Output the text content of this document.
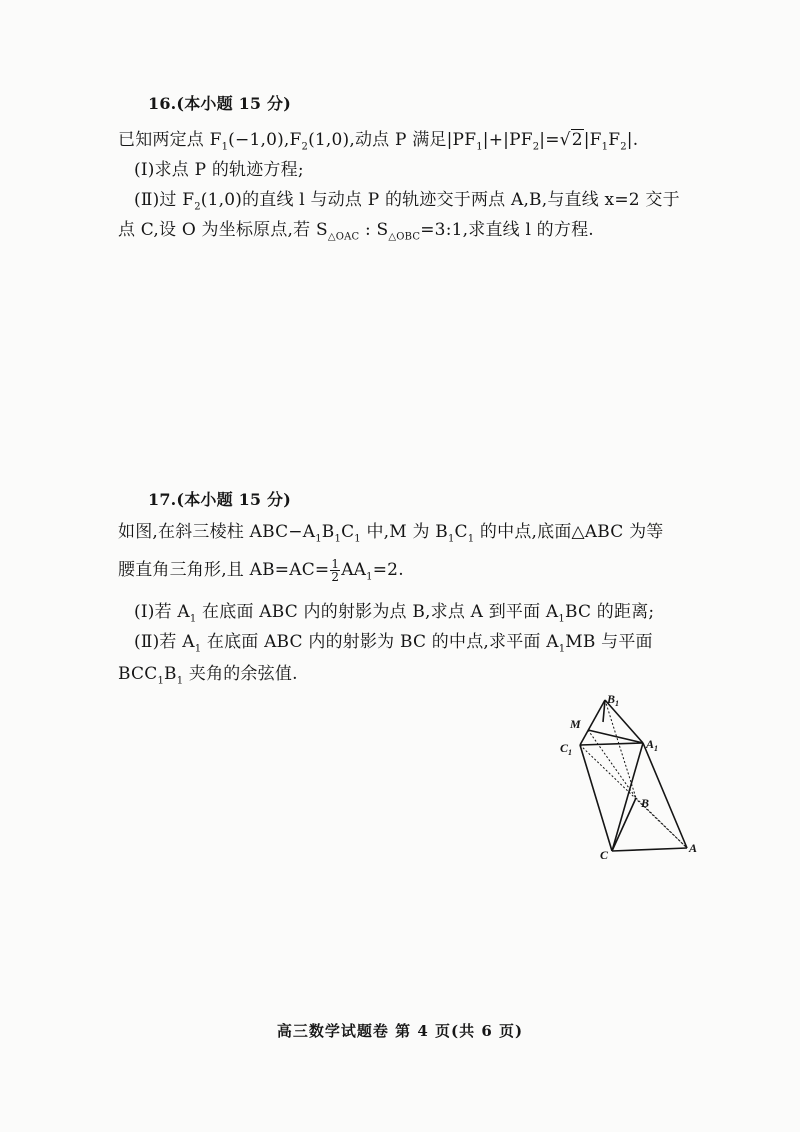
16.(本小题 15 分)
已知两定点 $F_1(-1,0),F_2(1,0)$,动点 P 满足$|PF_1|+|PF_2|=√2|F_1F_2|$.
(Ⅰ)求点 P 的轨迹方程;
(Ⅱ)过 $F_2(1,0)$的直线 l 与动点 P 的轨迹交于两点 A,B,与直线 x=2 交于
点 C,设 O 为坐标原点,若 $S_{\triangle OAC}$ : $S_{\triangle OBC}=3:1$,求直线 l 的方程.
17.(本小题 15 分)
如图,在斜三棱柱 $ABC-A_1B_1C_1$ 中,M 为 $B_1C_1$ 的中点,底面△ABC 为等
腰直角三角形,且 $AB=AC= \frac{1}{2} AA_1=2$.
(Ⅰ)若 $A_1$ 在底面 ABC 内的射影为点 B,求点 A 到平面 $A_1BC$ 的距离;
(Ⅱ)若 $A_1$ 在底面 ABC 内的射影为 BC 的中点,求平面 $A_1MB$ 与平面
$BCC_1B_1$ 夹角的余弦值.
$B_1$
M
$C_1$
$A_1$
B
C	A
高三数学试题卷 第 4 页(共 6 页)
